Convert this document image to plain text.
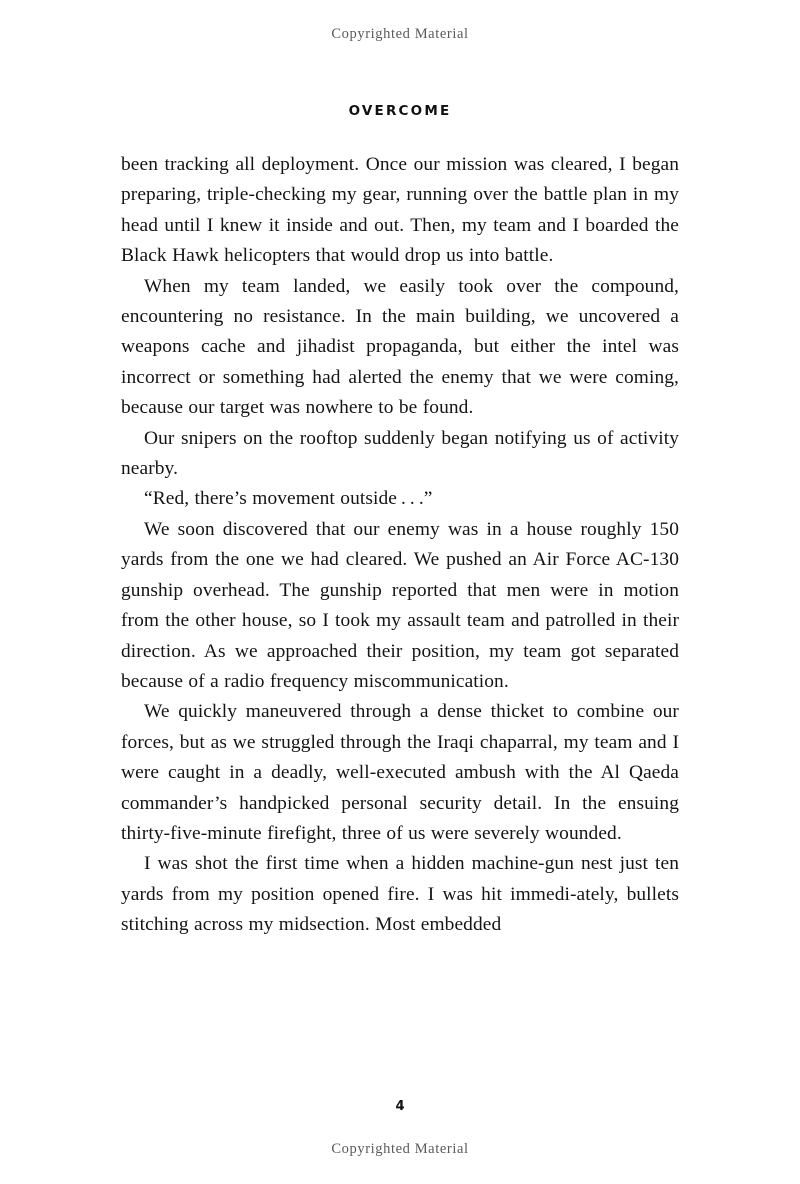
Copyrighted Material
OVERCOME

been tracking all deployment. Once our mission was cleared, I began preparing, triple-checking my gear, running over the battle plan in my head until I knew it inside and out. Then, my team and I boarded the Black Hawk helicopters that would drop us into battle.

When my team landed, we easily took over the compound, encountering no resistance. In the main building, we uncovered a weapons cache and jihadist propaganda, but either the intel was incorrect or something had alerted the enemy that we were coming, because our target was nowhere to be found.

Our snipers on the rooftop suddenly began notifying us of activity nearby.

“Red, there’s movement outside . . .”

We soon discovered that our enemy was in a house roughly 150 yards from the one we had cleared. We pushed an Air Force AC-130 gunship overhead. The gunship reported that men were in motion from the other house, so I took my assault team and patrolled in their direction. As we approached their position, my team got separated because of a radio frequency miscommunication.

We quickly maneuvered through a dense thicket to combine our forces, but as we struggled through the Iraqi chaparral, my team and I were caught in a deadly, well-executed ambush with the Al Qaeda commander’s handpicked personal security detail. In the ensuing thirty-five-minute firefight, three of us were severely wounded.

I was shot the first time when a hidden machine-gun nest just ten yards from my position opened fire. I was hit immedi-ately, bullets stitching across my midsection. Most embedded

4
Copyrighted Material
